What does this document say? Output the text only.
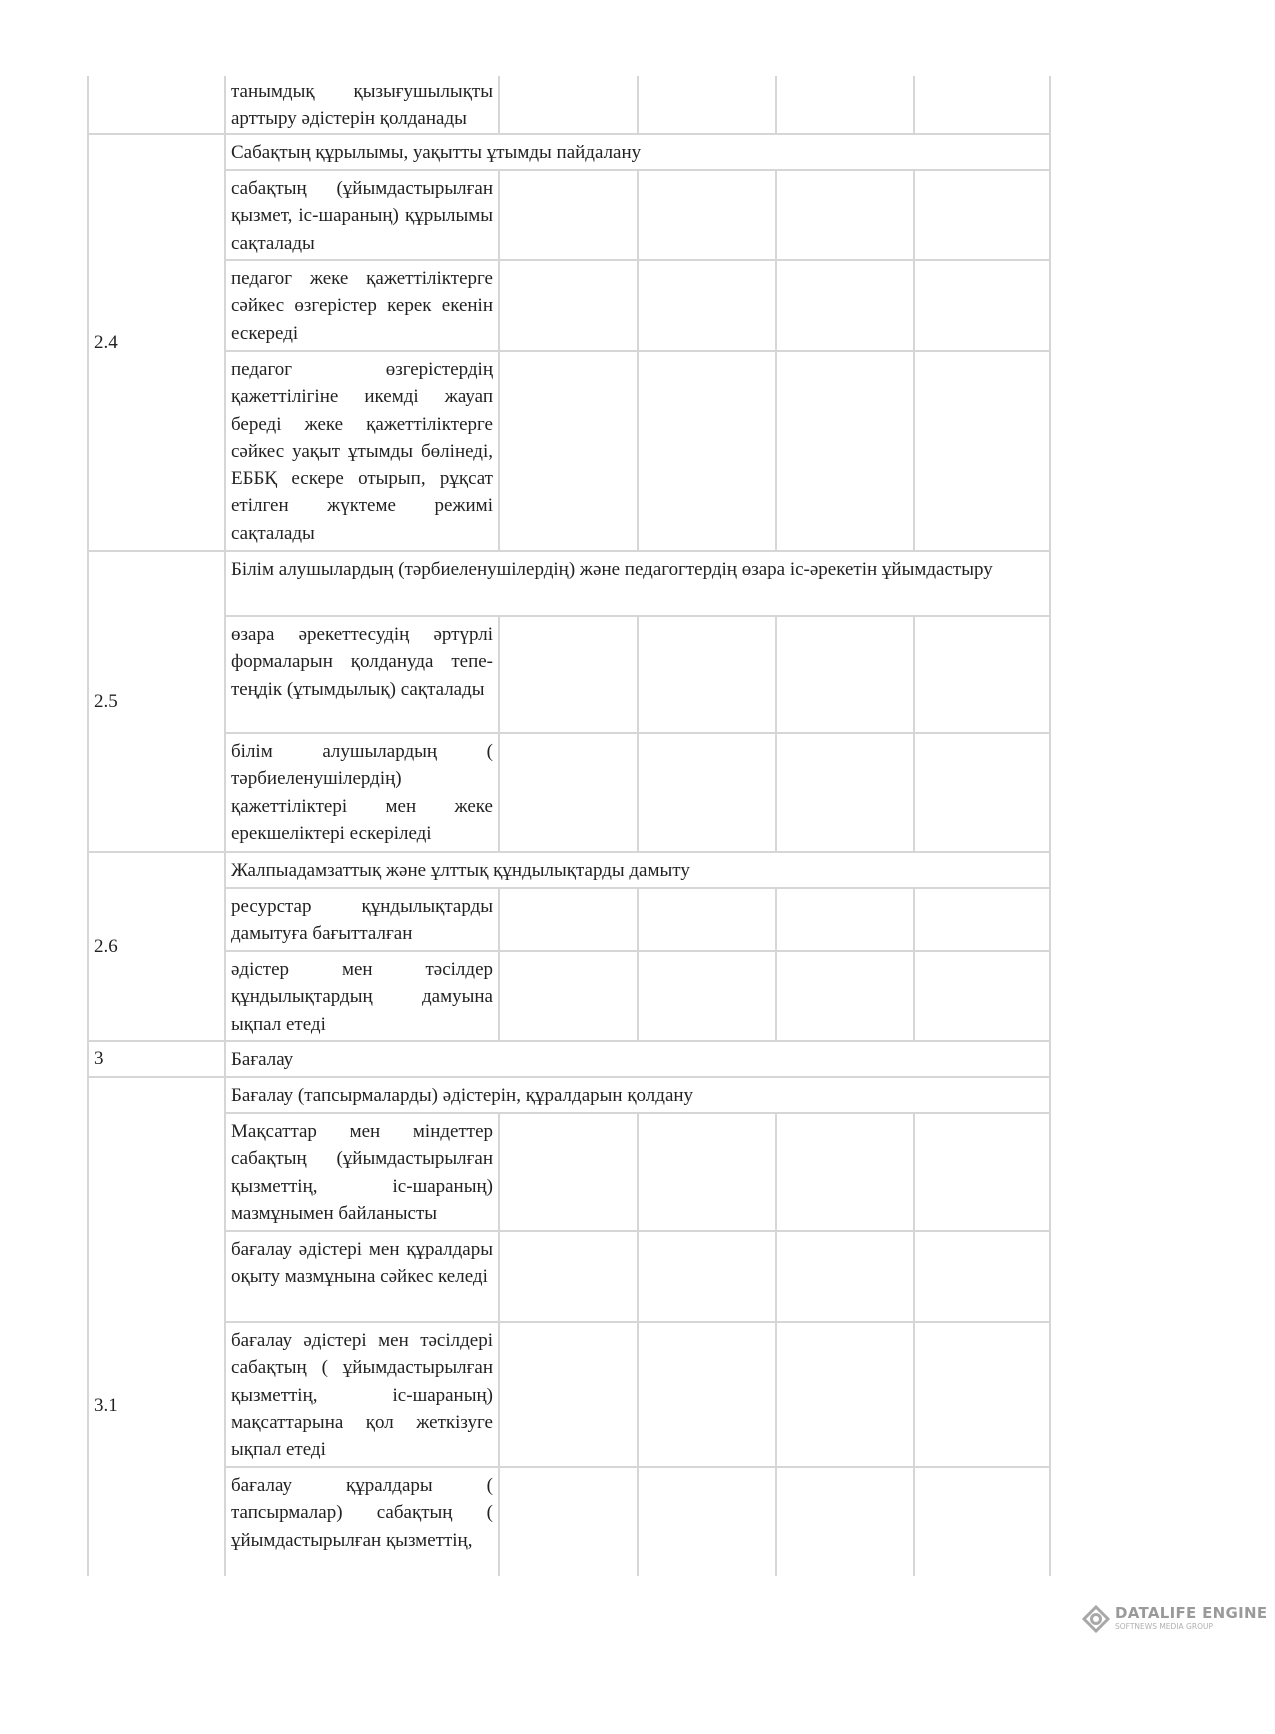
2.4
2.5
2.6
3
3.1
танымдық қызығушылықты арттыру әдістерін қолданады
Сабақтың құрылымы, уақытты ұтымды пайдалану
сабақтың (ұйымдастырылған қызмет, іс-шараның) құрылымы сақталады
педагог жеке қажеттіліктерге сәйкес өзгерістер керек екенін ескереді
педагог өзгерістердің қажеттілігіне икемді жауап береді жеке қажеттіліктерге сәйкес уақыт ұтымды бөлінеді, ЕББҚ ескере отырып, рұқсат етілген жүктеме режимі сақталады
Білім алушылардың (тәрбиеленушілердің) және педагогтердің өзара іс-әрекетін ұйымдастыру
өзара әрекеттесудің әртүрлі формаларын қолдануда тепе-теңдік (ұтымдылық) сақталады
білім алушылардың ( тәрбиеленушілердің) қажеттіліктері мен жеке ерекшеліктері ескеріледі
Жалпыадамзаттық және ұлттық құндылықтарды дамыту
ресурстар құндылықтарды дамытуға бағытталған
әдістер мен тәсілдер құндылықтардың дамуына ықпал етеді
Бағалау
Бағалау (тапсырмаларды) әдістерін, құралдарын қолдану
Мақсаттар мен міндеттер сабақтың (ұйымдастырылған қызметтің, іс-шараның) мазмұнымен байланысты
бағалау әдістері мен құралдары оқыту мазмұнына сәйкес келеді
бағалау әдістері мен тәсілдері сабақтың ( ұйымдастырылған қызметтің, іс-шараның) мақсаттарына қол жеткізуге ықпал етеді
бағалау құралдары ( тапсырмалар) сабақтың ( ұйымдастырылған қызметтің,
DATALIFE ENGINE
SOFTNEWS MEDIA GROUP
